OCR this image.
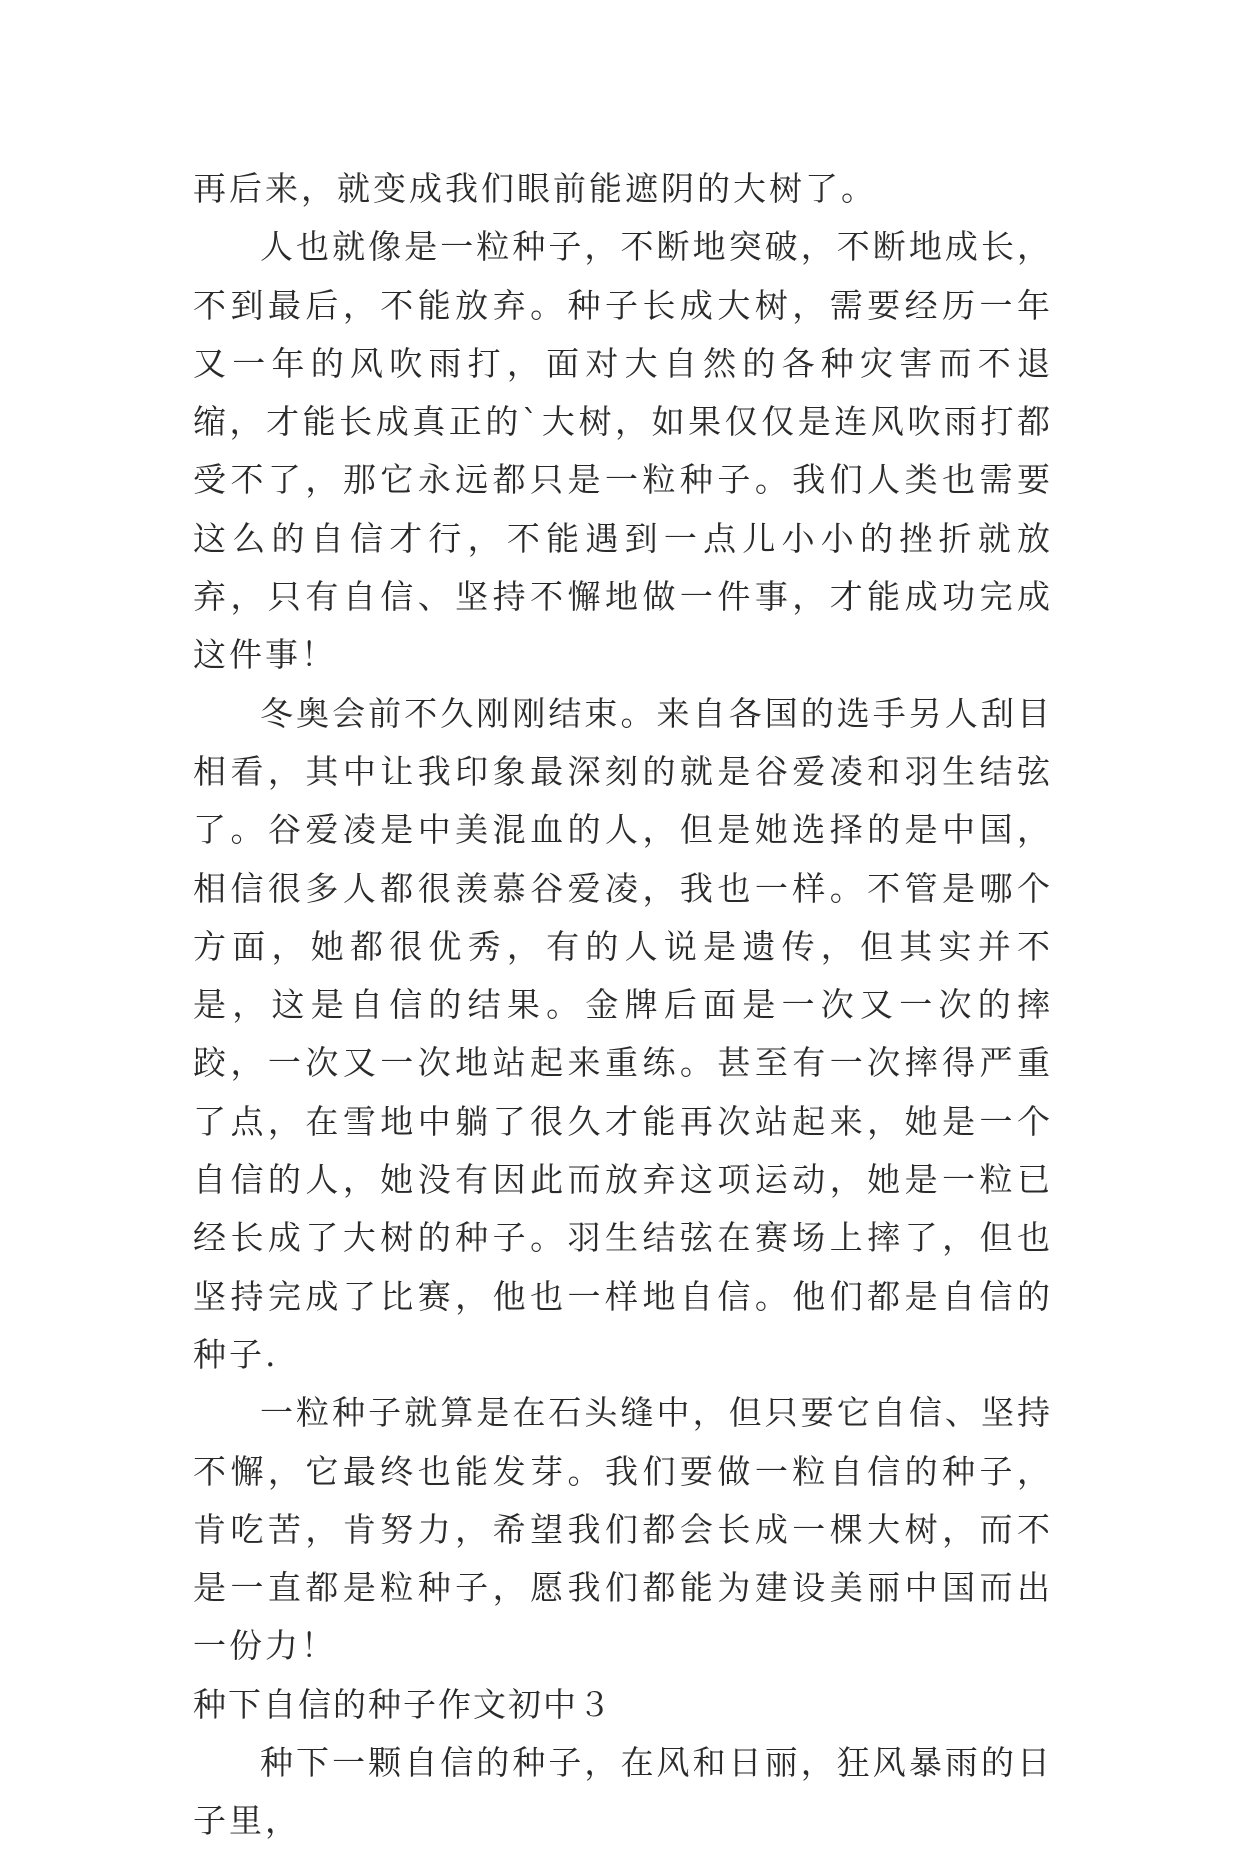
再后来，就变成我们眼前能遮阴的大树了。

人也就像是一粒种子，不断地突破，不断地成长，不到最后，不能放弃。种子长成大树，需要经历一年又一年的风吹雨打，面对大自然的各种灾害而不退缩，才能长成真正的`大树，如果仅仅是连风吹雨打都受不了，那它永远都只是一粒种子。我们人类也需要这么的自信才行，不能遇到一点儿小小的挫折就放弃，只有自信、坚持不懈地做一件事，才能成功完成这件事！

冬奥会前不久刚刚结束。来自各国的选手另人刮目相看，其中让我印象最深刻的就是谷爱凌和羽生结弦了。谷爱凌是中美混血的人，但是她选择的是中国，相信很多人都很羡慕谷爱凌，我也一样。不管是哪个方面，她都很优秀，有的人说是遗传，但其实并不是，这是自信的结果。金牌后面是一次又一次的摔跤，一次又一次地站起来重练。甚至有一次摔得严重了点，在雪地中躺了很久才能再次站起来，她是一个自信的人，她没有因此而放弃这项运动，她是一粒已经长成了大树的种子。羽生结弦在赛场上摔了，但也坚持完成了比赛，他也一样地自信。他们都是自信的种子.

一粒种子就算是在石头缝中，但只要它自信、坚持不懈，它最终也能发芽。我们要做一粒自信的种子，肯吃苦，肯努力，希望我们都会长成一棵大树，而不是一直都是粒种子，愿我们都能为建设美丽中国而出一份力！

种下自信的种子作文初中３

种下一颗自信的种子，在风和日丽，狂风暴雨的日子里，
